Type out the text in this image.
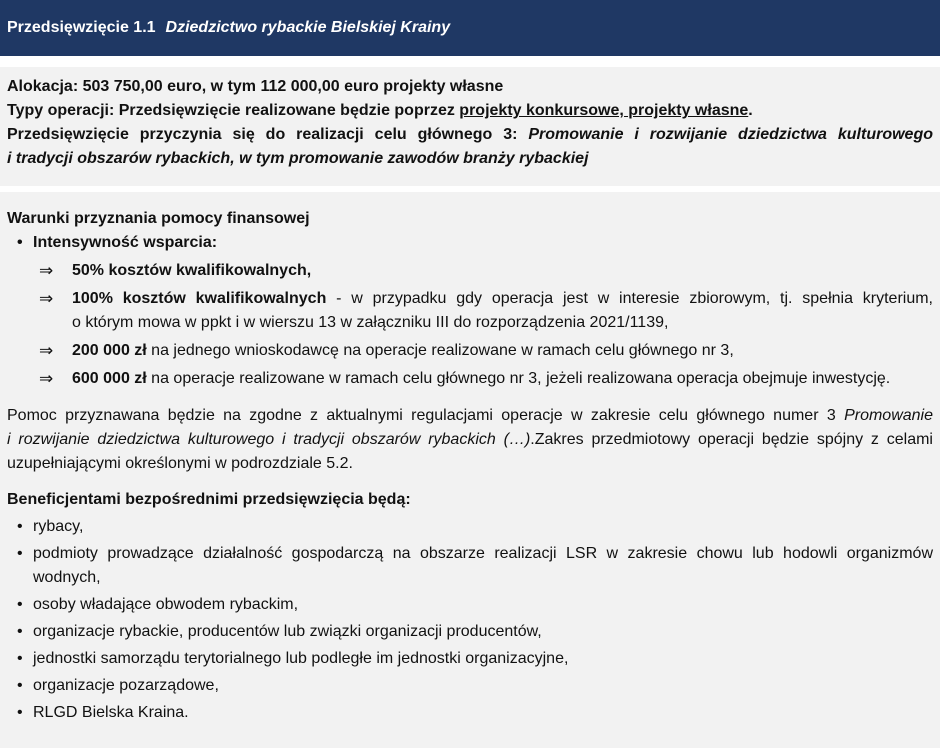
Przedsięwzięcie 1.1 Dziedzictwo rybackie Bielskiej Krainy
Alokacja: 503 750,00 euro, w tym 112 000,00 euro projekty własne
Typy operacji: Przedsięwzięcie realizowane będzie poprzez projekty konkursowe, projekty własne.
Przedsięwzięcie przyczynia się do realizacji celu głównego 3: Promowanie i rozwijanie dziedzictwa kulturowego
i tradycji obszarów rybackich, w tym promowanie zawodów branży rybackiej
Warunki przyznania pomocy finansowej
• Intensywność wsparcia:
⇒ 50% kosztów kwalifikowalnych,
⇒ 100% kosztów kwalifikowalnych - w przypadku gdy operacja jest w interesie zbiorowym, tj. spełnia kryterium,
o którym mowa w ppkt i w wierszu 13 w załączniku III do rozporządzenia 2021/1139,
⇒ 200 000 zł na jednego wnioskodawcę na operacje realizowane w ramach celu głównego nr 3,
⇒ 600 000 zł na operacje realizowane w ramach celu głównego nr 3, jeżeli realizowana operacja obejmuje inwestycję.
Pomoc przyznawana będzie na zgodne z aktualnymi regulacjami operacje w zakresie celu głównego numer 3 Promowanie
i rozwijanie dziedzictwa kulturowego i tradycji obszarów rybackich (…).Zakres przedmiotowy operacji będzie spójny z celami
uzupełniającymi określonymi w podrozdziale 5.2.
Beneficjentami bezpośrednimi przedsięwzięcia będą:
• rybacy,
• podmioty prowadzące działalność gospodarczą na obszarze realizacji LSR w zakresie chowu lub hodowli organizmów
wodnych,
• osoby władające obwodem rybackim,
• organizacje rybackie, producentów lub związki organizacji producentów,
• jednostki samorządu terytorialnego lub podległe im jednostki organizacyjne,
• organizacje pozarządowe,
• RLGD Bielska Kraina.
